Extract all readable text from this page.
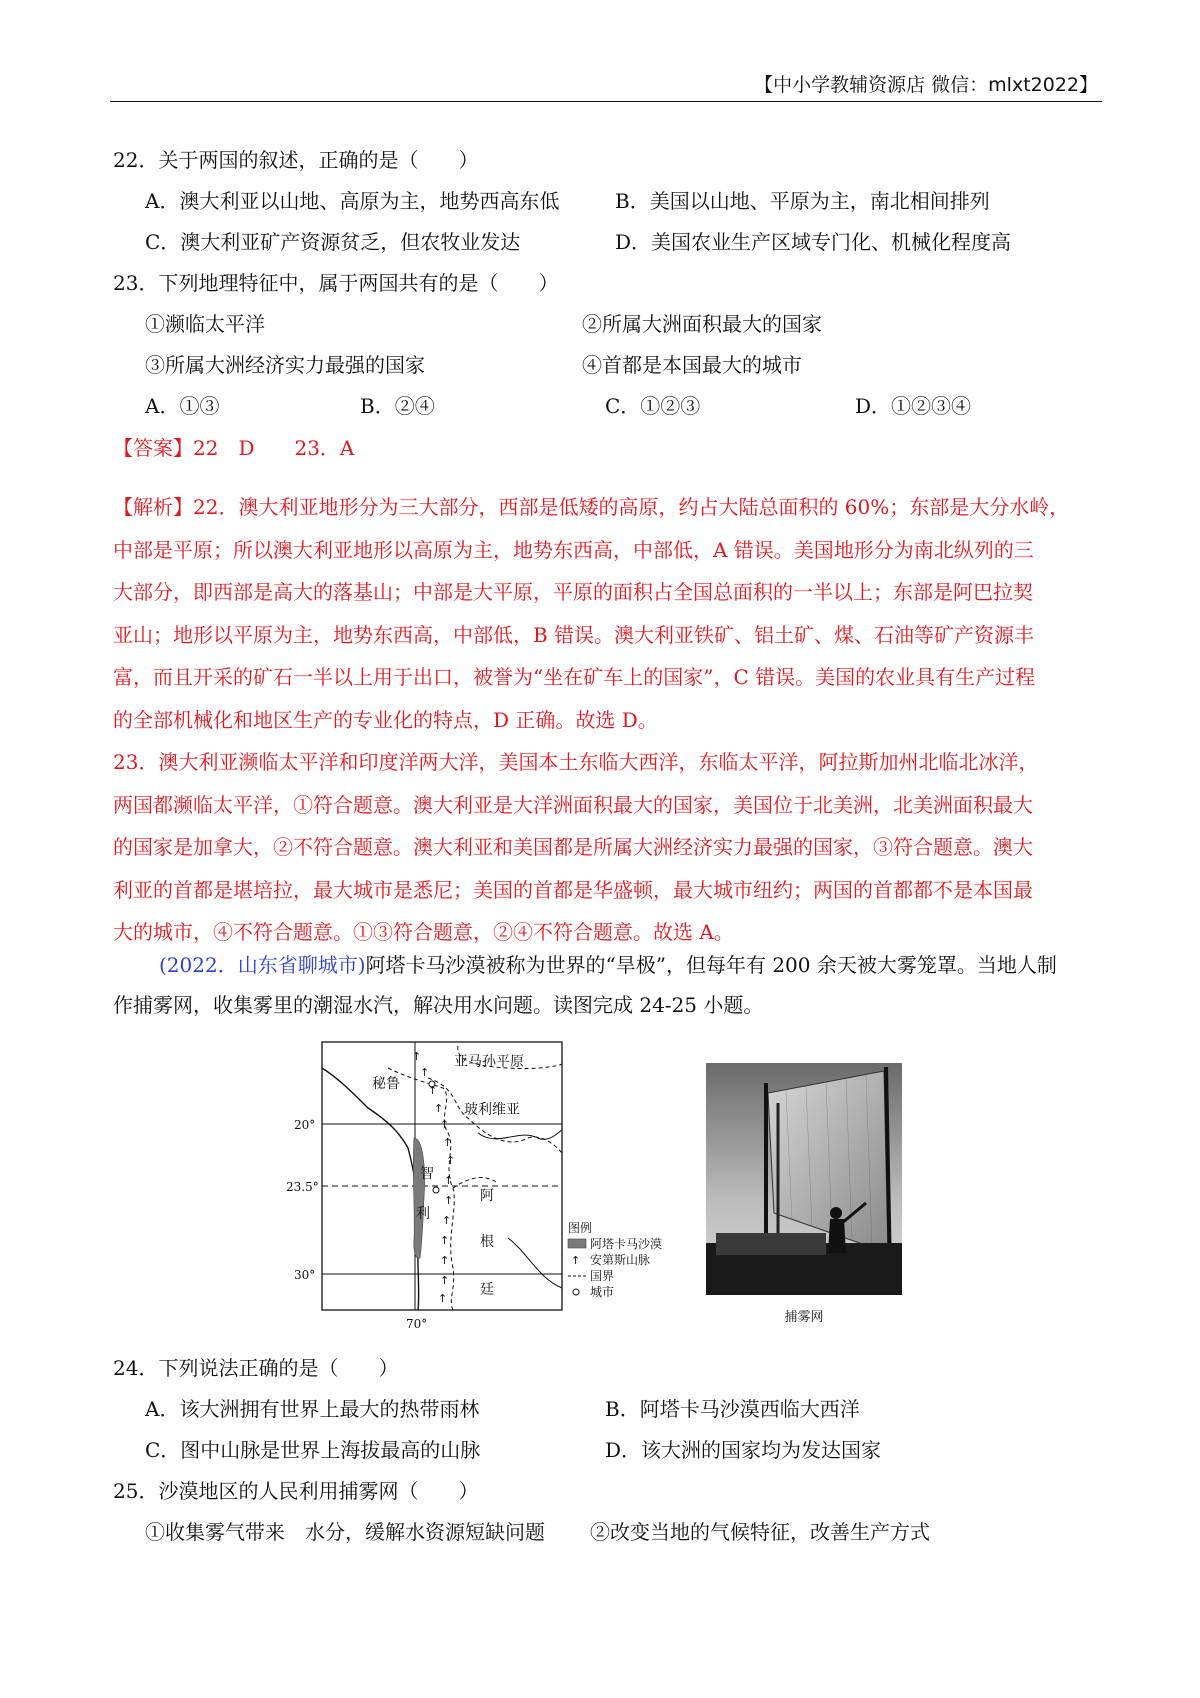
【中小学教辅资源店 微信：mlxt2022】
22．关于两国的叙述，正确的是（　　）
A．澳大利亚以山地、高原为主，地势西高东低	B．美国以山地、平原为主，南北相间排列
C．澳大利亚矿产资源贫乏，但农牧业发达	D．美国农业生产区域专门化、机械化程度高
23．下列地理特征中，属于两国共有的是（　　）
①濒临太平洋	②所属大洲面积最大的国家
③所属大洲经济实力最强的国家	④首都是本国最大的城市
A．①③	B．②④	C．①②③	D．①②③④
【答案】22　D　　23．A
【解析】22．澳大利亚地形分为三大部分，西部是低矮的高原，约占大陆总面积的 60%；东部是大分水岭，
中部是平原；所以澳大利亚地形以高原为主，地势东西高，中部低，A 错误。美国地形分为南北纵列的三
大部分，即西部是高大的落基山；中部是大平原，平原的面积占全国总面积的一半以上；东部是阿巴拉契
亚山；地形以平原为主，地势东西高，中部低，B 错误。澳大利亚铁矿、铝土矿、煤、石油等矿产资源丰
富，而且开采的矿石一半以上用于出口，被誉为“坐在矿车上的国家”，C 错误。美国的农业具有生产过程
的全部机械化和地区生产的专业化的特点，D 正确。故选 D。
23．澳大利亚濒临太平洋和印度洋两大洋，美国本土东临大西洋，东临太平洋，阿拉斯加州北临北冰洋，
两国都濒临太平洋，①符合题意。澳大利亚是大洋洲面积最大的国家，美国位于北美洲，北美洲面积最大
的国家是加拿大，②不符合题意。澳大利亚和美国都是所属大洲经济实力最强的国家，③符合题意。澳大
利亚的首都是堪培拉，最大城市是悉尼；美国的首都是华盛顿，最大城市纽约；两国的首都都不是本国最
大的城市，④不符合题意。①③符合题意，②④不符合题意。故选 A。
(2022．山东省聊城市)阿塔卡马沙漠被称为世界的“旱极”，但每年有 200 余天被大雾笼罩。当地人制
作捕雾网，收集雾里的潮湿水汽，解决用水问题。读图完成 24-25 小题。
↑
↑
↑
↑
↑
↑
↑
↑
↑
↑
↑
↑
↑
↑
亚马孙平原
秘鲁
玻利维亚
智
利
阿
根
廷
20°
23.5°
30°
70°
图例
阿塔卡马沙漠
↑ 安第斯山脉
国界
城市
捕雾网
24．下列说法正确的是（　　）
A．该大洲拥有世界上最大的热带雨林	B．阿塔卡马沙漠西临大西洋
C．图中山脉是世界上海拔最高的山脉	D．该大洲的国家均为发达国家
25．沙漠地区的人民利用捕雾网（　　）
①收集雾气带来　水分，缓解水资源短缺问题 ②改变当地的气候特征，改善生产方式
